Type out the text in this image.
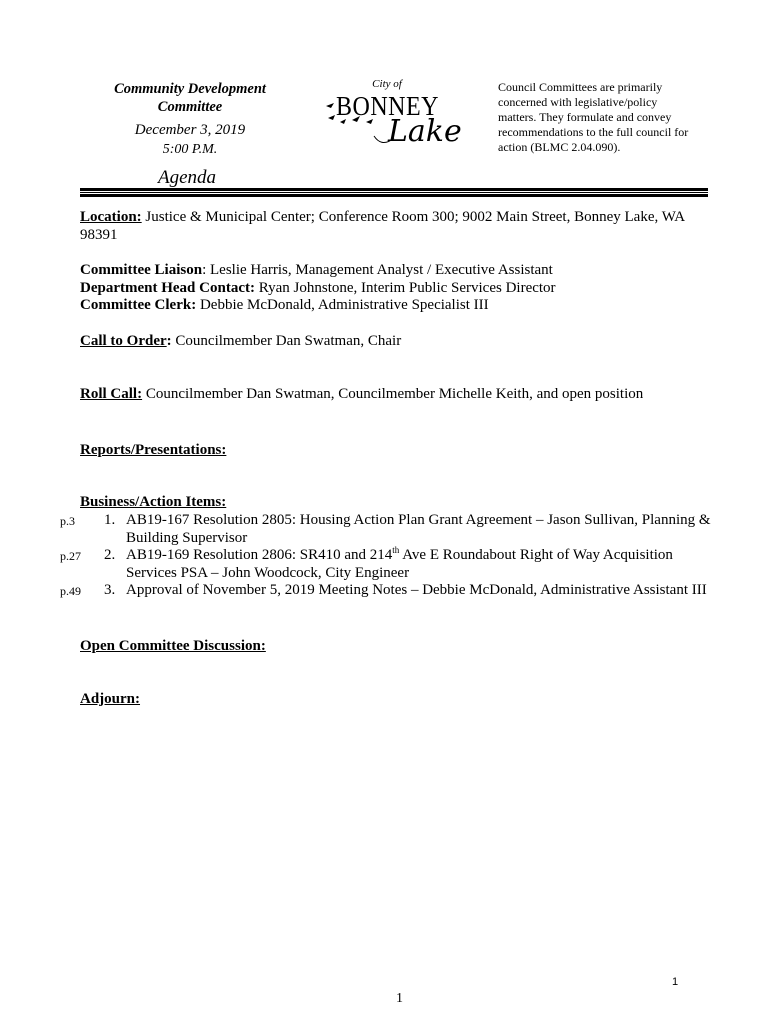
Community Development
Committee
December 3, 2019
5:00 P.M.
City of
BONNEY
Lake
Council Committees are primarily
concerned with legislative/policy
matters. They formulate and convey
recommendations to the full council for
action (BLMC 2.04.090).
Agenda
Location: Justice & Municipal Center; Conference Room 300; 9002 Main Street, Bonney Lake, WA
98391
Committee Liaison: Leslie Harris, Management Analyst / Executive Assistant
Department Head Contact: Ryan Johnstone, Interim Public Services Director
Committee Clerk: Debbie McDonald, Administrative Specialist III
Call to Order: Councilmember Dan Swatman, Chair
Roll Call: Councilmember Dan Swatman, Councilmember Michelle Keith, and open position
Reports/Presentations:
Business/Action Items:
p.3 1. AB19-167 Resolution 2805: Housing Action Plan Grant Agreement – Jason Sullivan, Planning &
Building Supervisor
p.27 2. AB19-169 Resolution 2806: SR410 and 214th Ave E Roundabout Right of Way Acquisition
Services PSA – John Woodcock, City Engineer
p.49 3. Approval of November 5, 2019 Meeting Notes – Debbie McDonald, Administrative Assistant III
Open Committee Discussion:
Adjourn:
1
1
